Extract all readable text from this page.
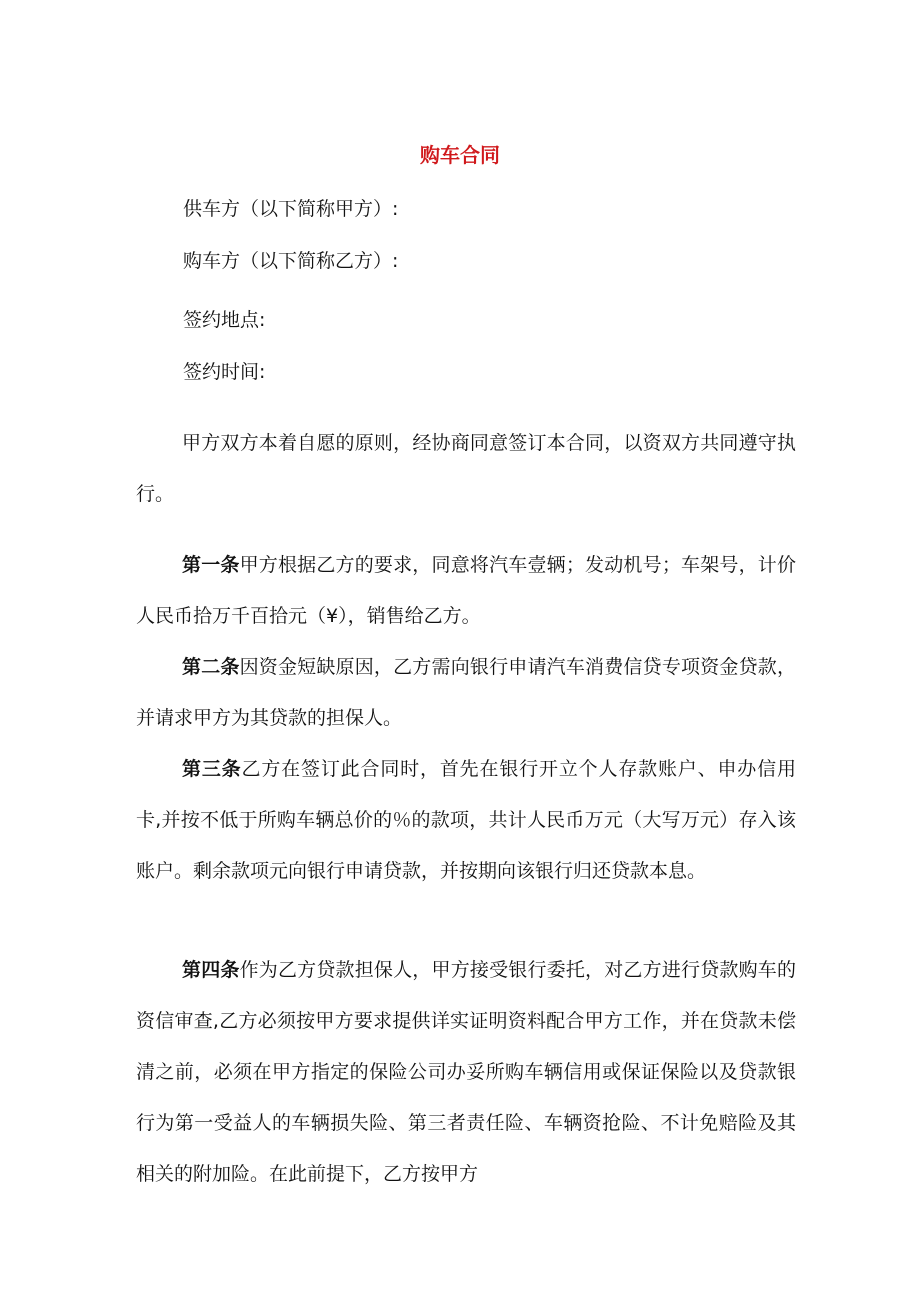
购车合同
供车方（以下简称甲方）:
购车方（以下简称乙方）:
签约地点:
签约时间:

甲方双方本着自愿的原则，经协商同意签订本合同，以资双方共同遵守执行。

第一条甲方根据乙方的要求，同意将汽车壹辆；发动机号；车架号，计价人民币拾万千百拾元（¥），销售给乙方。

第二条因资金短缺原因，乙方需向银行申请汽车消费信贷专项资金贷款，并请求甲方为其贷款的担保人。

第三条乙方在签订此合同时，首先在银行开立个人存款账户、申办信用卡,并按不低于所购车辆总价的％的款项，共计人民币万元（大写万元）存入该账户。剩余款项元向银行申请贷款，并按期向该银行归还贷款本息。

第四条作为乙方贷款担保人，甲方接受银行委托，对乙方进行贷款购车的资信审查,乙方必须按甲方要求提供详实证明资料配合甲方工作，并在贷款未偿清之前，必须在甲方指定的保险公司办妥所购车辆信用或保证保险以及贷款银行为第一受益人的车辆损失险、第三者责任险、车辆资抢险、不计免赔险及其相关的附加险。在此前提下，乙方按甲方
